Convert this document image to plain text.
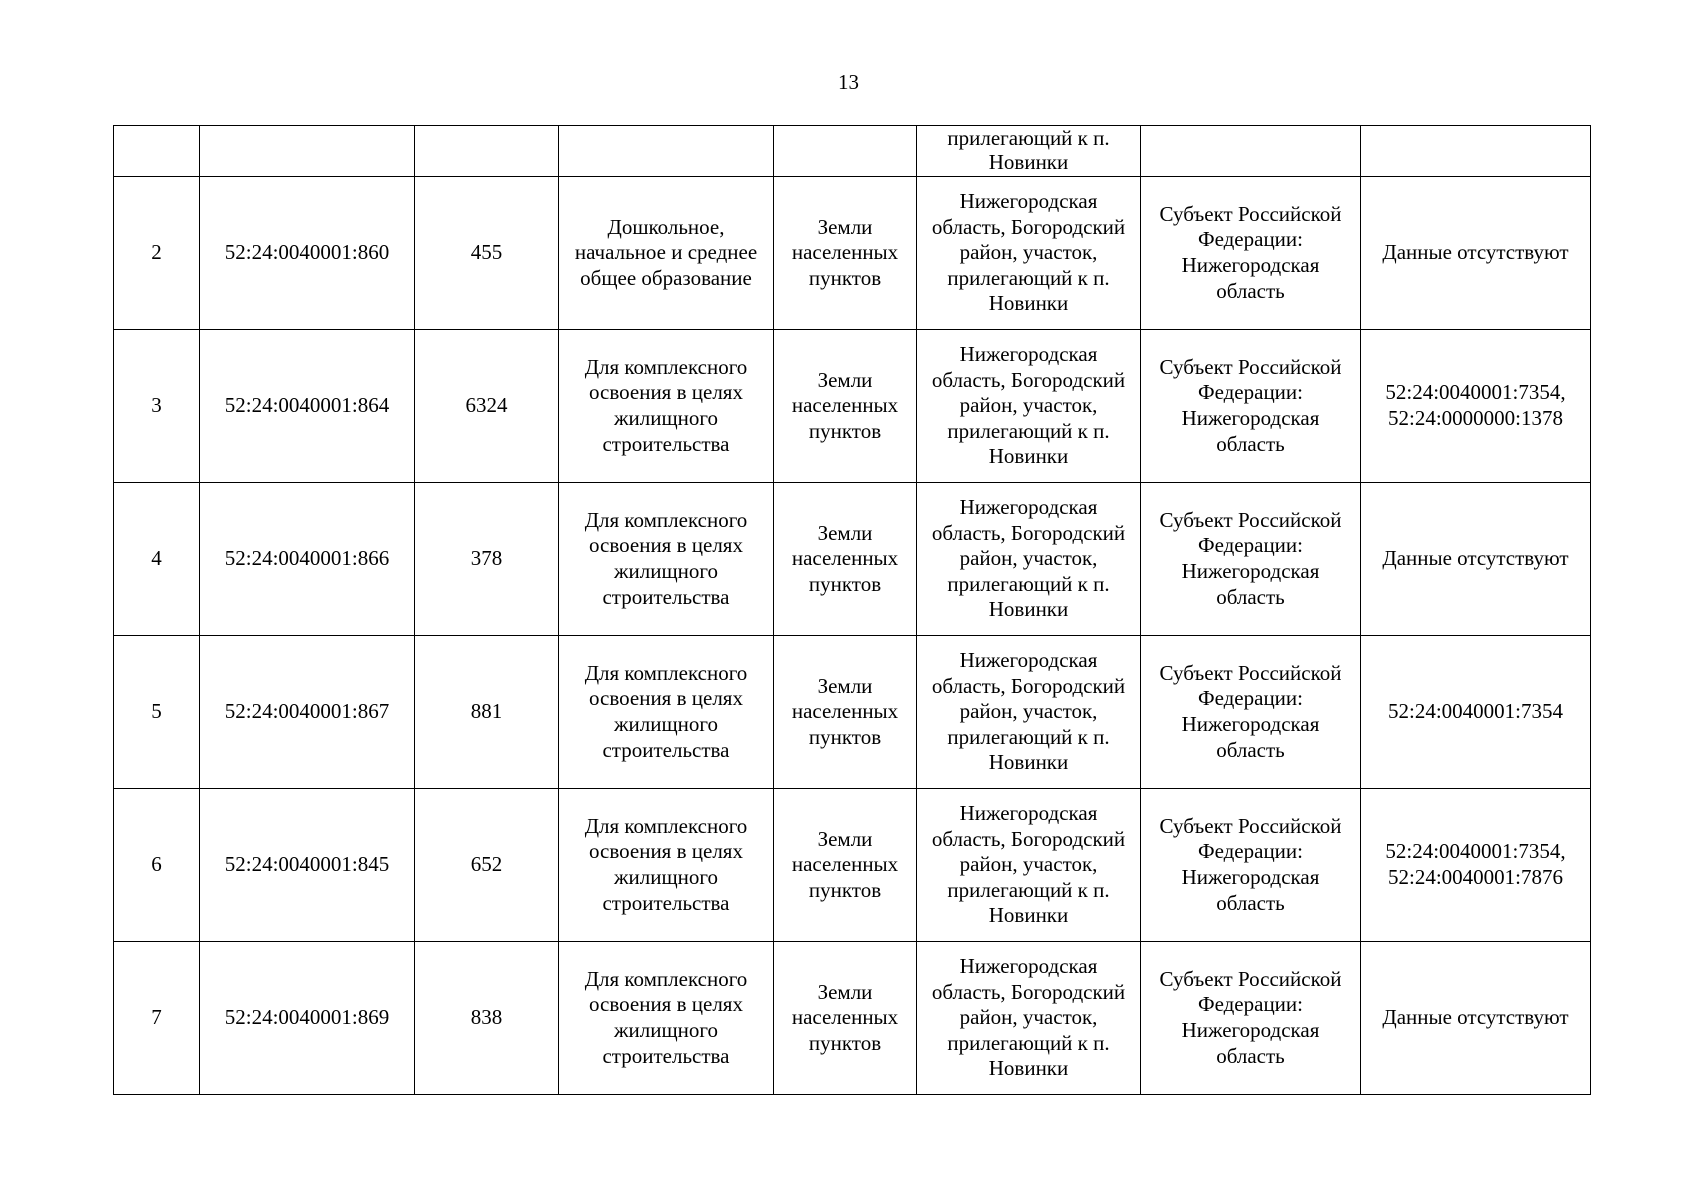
13
					прилегающий к п. Новинки		
2	52:24:0040001:860	455	Дошкольное, начальное и среднее общее образование	Земли населенных пунктов	Нижегородская область, Богородский район, участок, прилегающий к п. Новинки	Субъект Российской Федерации: Нижегородская область	Данные отсутствуют
3	52:24:0040001:864	6324	Для комплексного освоения в целях жилищного строительства	Земли населенных пунктов	Нижегородская область, Богородский район, участок, прилегающий к п. Новинки	Субъект Российской Федерации: Нижегородская область	52:24:0040001:7354, 52:24:0000000:1378
4	52:24:0040001:866	378	Для комплексного освоения в целях жилищного строительства	Земли населенных пунктов	Нижегородская область, Богородский район, участок, прилегающий к п. Новинки	Субъект Российской Федерации: Нижегородская область	Данные отсутствуют
5	52:24:0040001:867	881	Для комплексного освоения в целях жилищного строительства	Земли населенных пунктов	Нижегородская область, Богородский район, участок, прилегающий к п. Новинки	Субъект Российской Федерации: Нижегородская область	52:24:0040001:7354
6	52:24:0040001:845	652	Для комплексного освоения в целях жилищного строительства	Земли населенных пунктов	Нижегородская область, Богородский район, участок, прилегающий к п. Новинки	Субъект Российской Федерации: Нижегородская область	52:24:0040001:7354, 52:24:0040001:7876
7	52:24:0040001:869	838	Для комплексного освоения в целях жилищного строительства	Земли населенных пунктов	Нижегородская область, Богородский район, участок, прилегающий к п. Новинки	Субъект Российской Федерации: Нижегородская область	Данные отсутствуют
